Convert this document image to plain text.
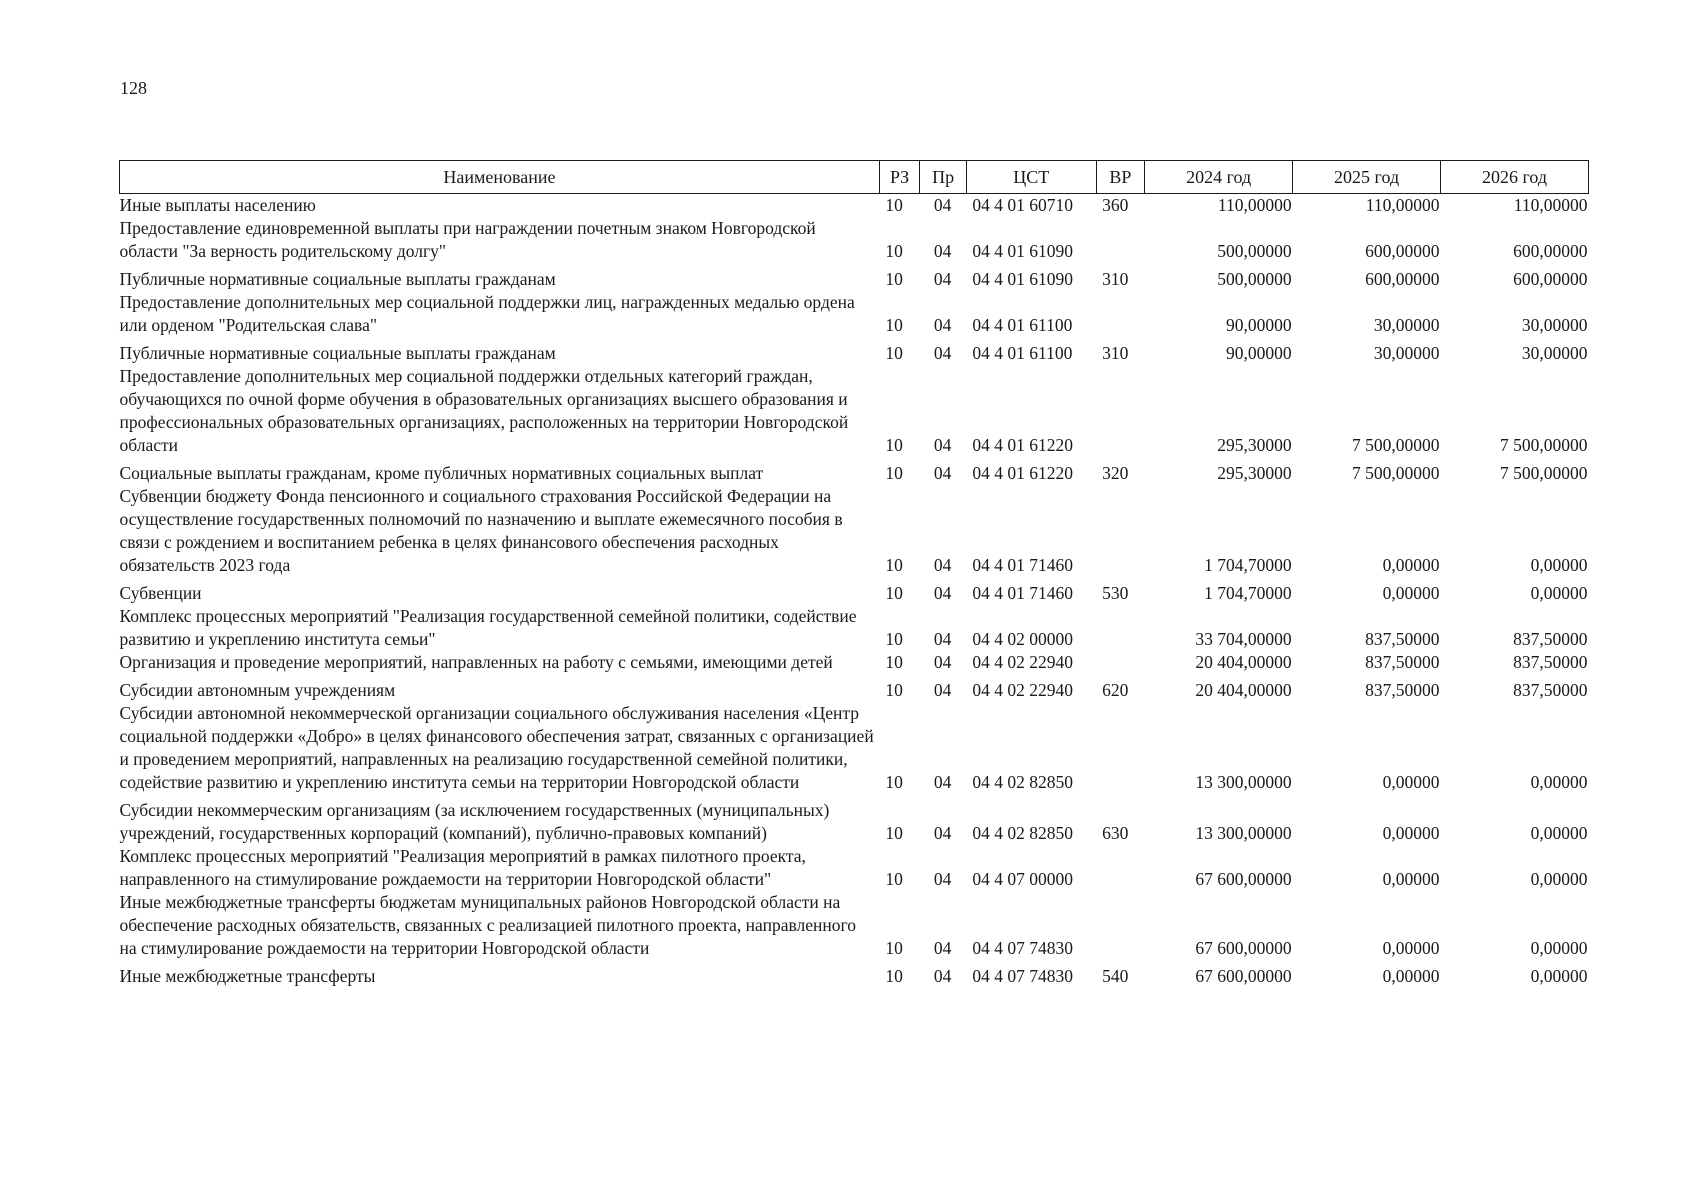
128
Наименование	РЗ	Пр	ЦСТ	ВР	2024 год	2025 год	2026 год
Иные выплаты населению	10	04	04 4 01 60710	360	110,00000	110,00000	110,00000
Предоставление единовременной выплаты при награждении почетным знаком Новгородской области "За верность родительскому долгу"	10	04	04 4 01 61090		500,00000	600,00000	600,00000
Публичные нормативные социальные выплаты гражданам	10	04	04 4 01 61090	310	500,00000	600,00000	600,00000
Предоставление дополнительных мер социальной поддержки лиц, награжденных медалью ордена или орденом "Родительская слава"	10	04	04 4 01 61100		90,00000	30,00000	30,00000
Публичные нормативные социальные выплаты гражданам	10	04	04 4 01 61100	310	90,00000	30,00000	30,00000
Предоставление дополнительных мер социальной поддержки отдельных категорий граждан, обучающихся по очной форме обучения в образовательных организациях высшего образования и профессиональных образовательных организациях, расположенных на территории Новгородской области	10	04	04 4 01 61220		295,30000	7 500,00000	7 500,00000
Социальные выплаты гражданам, кроме публичных нормативных социальных выплат	10	04	04 4 01 61220	320	295,30000	7 500,00000	7 500,00000
Субвенции бюджету Фонда пенсионного и социального страхования Российской Федерации на осуществление государственных полномочий по назначению и выплате ежемесячного пособия в связи с рождением и воспитанием ребенка в целях финансового обеспечения расходных обязательств 2023 года	10	04	04 4 01 71460		1 704,70000	0,00000	0,00000
Субвенции	10	04	04 4 01 71460	530	1 704,70000	0,00000	0,00000
Комплекс процессных мероприятий "Реализация государственной семейной политики, содействие развитию и укреплению института семьи"	10	04	04 4 02 00000		33 704,00000	837,50000	837,50000
Организация и проведение мероприятий, направленных на работу с семьями, имеющими детей	10	04	04 4 02 22940		20 404,00000	837,50000	837,50000
Субсидии автономным учреждениям	10	04	04 4 02 22940	620	20 404,00000	837,50000	837,50000
Субсидии автономной некоммерческой организации социального обслуживания населения «Центр социальной поддержки «Добро» в целях финансового обеспечения затрат, связанных с организацией и проведением мероприятий, направленных на реализацию государственной семейной политики, содействие развитию и укреплению института семьи на территории Новгородской области	10	04	04 4 02 82850		13 300,00000	0,00000	0,00000
Субсидии некоммерческим организациям (за исключением государственных (муниципальных) учреждений, государственных корпораций (компаний), публично-правовых компаний)	10	04	04 4 02 82850	630	13 300,00000	0,00000	0,00000
Комплекс процессных мероприятий "Реализация мероприятий в рамках пилотного проекта, направленного на стимулирование рождаемости на территории Новгородской области"	10	04	04 4 07 00000		67 600,00000	0,00000	0,00000
Иные межбюджетные трансферты бюджетам муниципальных районов Новгородской области на обеспечение расходных обязательств, связанных с реализацией пилотного проекта, направленного на стимулирование рождаемости на территории Новгородской области	10	04	04 4 07 74830		67 600,00000	0,00000	0,00000
Иные межбюджетные трансферты	10	04	04 4 07 74830	540	67 600,00000	0,00000	0,00000
